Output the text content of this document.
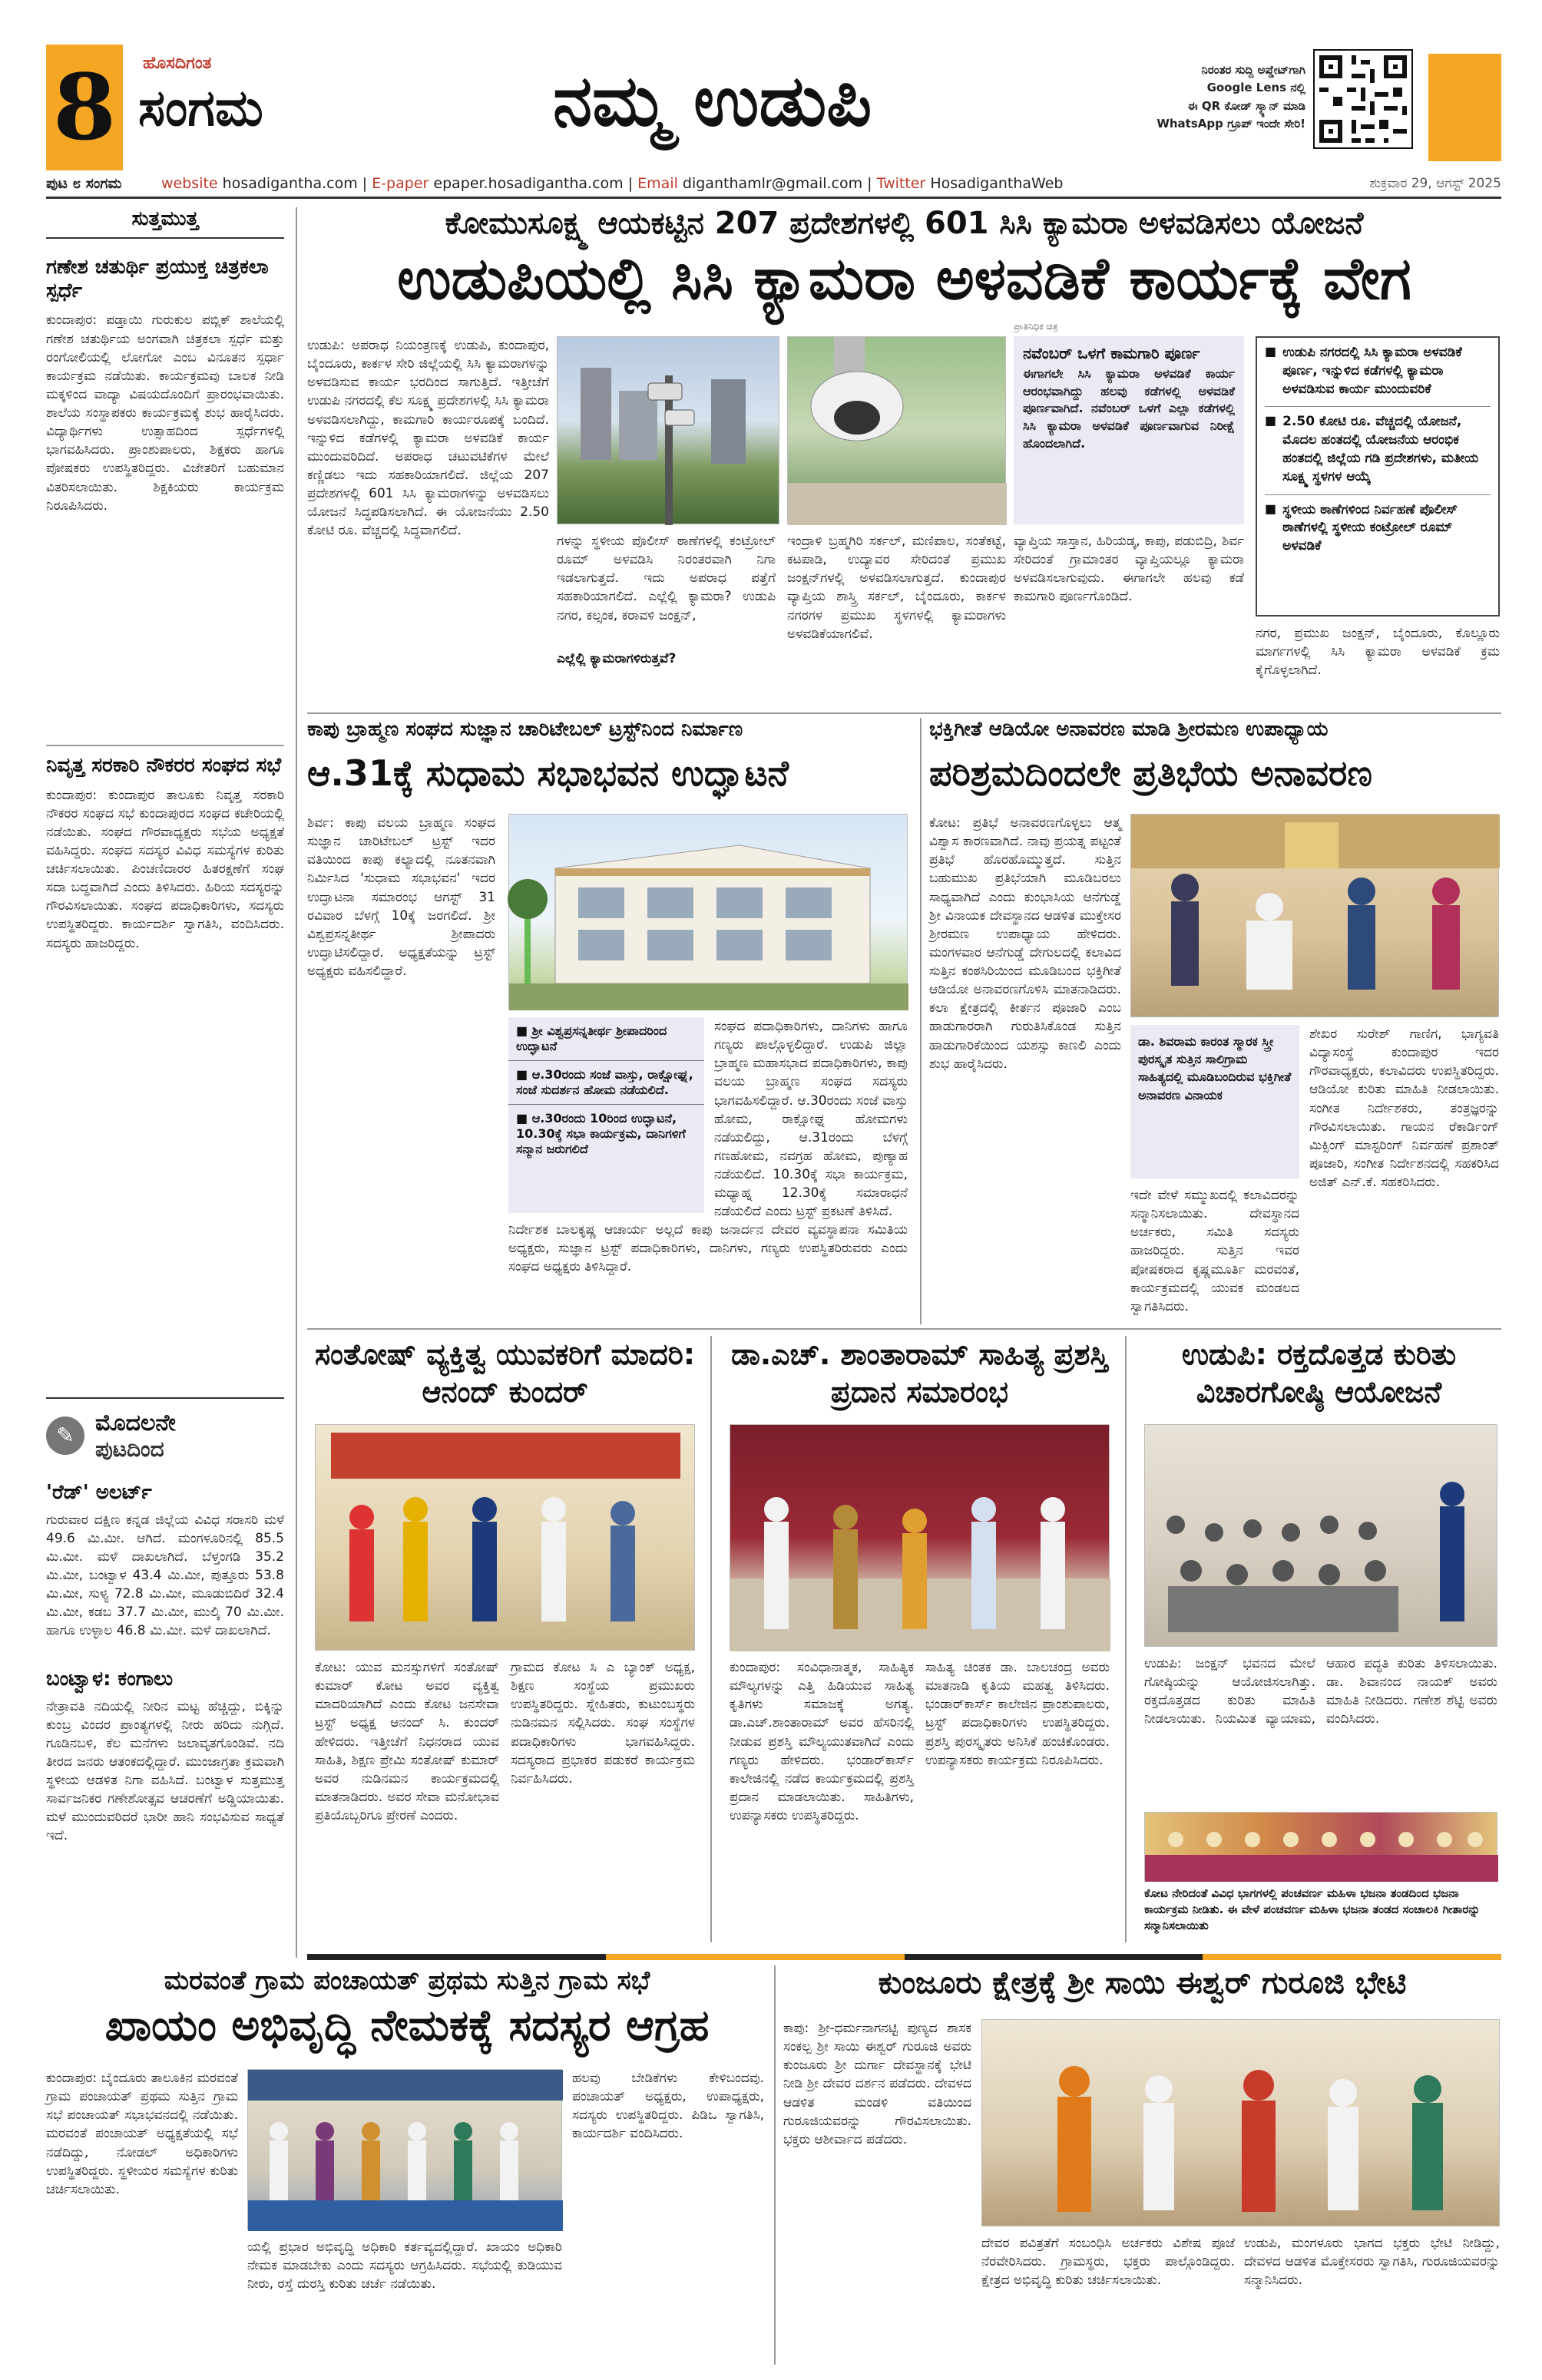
8	ಹೊಸದಿಗಂತ
ಸಂಗಮ	ನಮ್ಮ ಉಡುಪಿ	ನಿರಂತರ ಸುದ್ದಿ ಅಪ್ಡೇಟ್‌ಗಾಗಿ
Google Lens ನಲ್ಲಿ
ಈ QR ಕೋಡ್ ಸ್ಕ್ಯಾನ್ ಮಾಡಿ
WhatsApp ಗ್ರೂಪ್ ಇಂದೇ ಸೇರಿ!
ಪುಟ ೮ ಸಂಗಮ	website hosadigantha.com | E-paper epaper.hosadigantha.com | Email diganthamlr@gmail.com | Twitter HosadiganthaWeb	ಶುಕ್ರವಾರ 29, ಆಗಸ್ಟ್ 2025
ಸುತ್ತಮುತ್ತ
ಗಣೇಶ ಚತುರ್ಥಿ ಪ್ರಯುಕ್ತ ಚಿತ್ರಕಲಾ ಸ್ಪರ್ಧೆ
ಕುಂದಾಪುರ: ಪಡ್ತಾಯಿ ಗುರುಕುಲ ಪಬ್ಲಿಕ್ ಶಾಲೆಯಲ್ಲಿ ಗಣೇಶ ಚತುರ್ಥಿಯ ಅಂಗವಾಗಿ ಚಿತ್ರಕಲಾ ಸ್ಪರ್ಧೆ ಮತ್ತು ರಂಗೋಲಿಯಲ್ಲಿ ಲೋಗೋ ಎಂಬ ವಿನೂತನ ಸ್ಪರ್ಧಾ ಕಾರ್ಯಕ್ರಮ ನಡೆಯಿತು. ಕಾರ್ಯಕ್ರಮವು ಬಾಲಕ ನೀಡಿ ಮಕ್ಕಳಿಂದ ವಾದ್ಯಾ ವಿಷಯದೊಂದಿಗೆ ಪ್ರಾರಂಭವಾಯಿತು. ಶಾಲೆಯ ಸಂಸ್ಥಾಪಕರು ಕಾರ್ಯಕ್ರಮಕ್ಕೆ ಶುಭ ಹಾರೈಸಿದರು. ವಿದ್ಯಾರ್ಥಿಗಳು ಉತ್ಸಾಹದಿಂದ ಸ್ಪರ್ಧೆಗಳಲ್ಲಿ ಭಾಗವಹಿಸಿದರು. ಪ್ರಾಂಶುಪಾಲರು, ಶಿಕ್ಷಕರು ಹಾಗೂ ಪೋಷಕರು ಉಪಸ್ಥಿತರಿದ್ದರು. ವಿಜೇತರಿಗೆ ಬಹುಮಾನ ವಿತರಿಸಲಾಯಿತು. ಶಿಕ್ಷಕಿಯರು ಕಾರ್ಯಕ್ರಮ ನಿರೂಪಿಸಿದರು.
ನಿವೃತ್ತ ಸರಕಾರಿ ನೌಕರರ ಸಂಘದ ಸಭೆ
ಕುಂದಾಪುರ: ಕುಂದಾಪುರ ತಾಲೂಕು ನಿವೃತ್ತ ಸರಕಾರಿ ನೌಕರರ ಸಂಘದ ಸಭೆ ಕುಂದಾಪುರದ ಸಂಘದ ಕಚೇರಿಯಲ್ಲಿ ನಡೆಯಿತು. ಸಂಘದ ಗೌರವಾಧ್ಯಕ್ಷರು ಸಭೆಯ ಅಧ್ಯಕ್ಷತೆ ವಹಿಸಿದ್ದರು. ಸಂಘದ ಸದಸ್ಯರ ವಿವಿಧ ಸಮಸ್ಯೆಗಳ ಕುರಿತು ಚರ್ಚಿಸಲಾಯಿತು. ಪಿಂಚಣಿದಾರರ ಹಿತರಕ್ಷಣೆಗೆ ಸಂಘ ಸದಾ ಬದ್ಧವಾಗಿದೆ ಎಂದು ತಿಳಿಸಿದರು. ಹಿರಿಯ ಸದಸ್ಯರನ್ನು ಗೌರವಿಸಲಾಯಿತು. ಸಂಘದ ಪದಾಧಿಕಾರಿಗಳು, ಸದಸ್ಯರು ಉಪಸ್ಥಿತರಿದ್ದರು. ಕಾರ್ಯದರ್ಶಿ ಸ್ವಾಗತಿಸಿ, ವಂದಿಸಿದರು. ಸದಸ್ಯರು ಹಾಜರಿದ್ದರು.
✎ ಮೊದಲನೇ
ಪುಟದಿಂದ
'ರೆಡ್' ಅಲರ್ಟ್
ಗುರುವಾರ ದಕ್ಷಿಣ ಕನ್ನಡ ಜಿಲ್ಲೆಯ ವಿವಿಧ ಸರಾಸರಿ ಮಳೆ 49.6 ಮಿ.ಮೀ. ಆಗಿದೆ. ಮಂಗಳೂರಿನಲ್ಲಿ 85.5 ಮಿ.ಮೀ. ಮಳೆ ದಾಖಲಾಗಿದೆ. ಬೆಳ್ತಂಗಡಿ 35.2 ಮಿ.ಮೀ, ಬಂಟ್ವಾಳ 43.4 ಮಿ.ಮೀ, ಪುತ್ತೂರು 53.8 ಮಿ.ಮೀ, ಸುಳ್ಯ 72.8 ಮಿ.ಮೀ, ಮೂಡುಬಿದಿರೆ 32.4 ಮಿ.ಮೀ, ಕಡಬ 37.7 ಮಿ.ಮೀ, ಮುಲ್ಕಿ 70 ಮಿ.ಮೀ. ಹಾಗೂ ಉಳ್ಳಾಲ 46.8 ಮಿ.ಮೀ. ಮಳೆ ದಾಖಲಾಗಿದೆ.
ಬಂಟ್ವಾಳ: ಕಂಗಾಲು
ನೇತ್ರಾವತಿ ನದಿಯಲ್ಲಿ ನೀರಿನ ಮಟ್ಟ ಹೆಚ್ಚಿದ್ದು, ಬಿಕ್ಕಿನ್ನು ಕುಂಬ್ರ ವಿಂದರ ಪ್ರಾಂತ್ಯಗಳಲ್ಲಿ ನೀರು ಹರಿದು ನುಗ್ಗಿದೆ. ಗೂಡಿನಬಳಿ, ಕೆಲ ಮನೆಗಳು ಜಲಾವೃತಗೊಂಡಿವೆ. ನದಿ ತೀರದ ಜನರು ಆತಂಕದಲ್ಲಿದ್ದಾರೆ. ಮುಂಜಾಗ್ರತಾ ಕ್ರಮವಾಗಿ ಸ್ಥಳೀಯ ಆಡಳಿತ ನಿಗಾ ವಹಿಸಿದೆ. ಬಂಟ್ವಾಳ ಸುತ್ತಮುತ್ತ ಸಾರ್ವಜನಿಕರ ಗಣೇಶೋತ್ಸವ ಆಚರಣೆಗೆ ಅಡ್ಡಿಯಾಯಿತು. ಮಳೆ ಮುಂದುವರಿದರೆ ಭಾರೀ ಹಾನಿ ಸಂಭವಿಸುವ ಸಾಧ್ಯತೆ ಇದೆ.
ಕೋಮುಸೂಕ್ಷ್ಮ ಆಯಕಟ್ಟಿನ 207 ಪ್ರದೇಶಗಳಲ್ಲಿ 601 ಸಿಸಿ ಕ್ಯಾಮರಾ ಅಳವಡಿಸಲು ಯೋಜನೆ
ಉಡುಪಿಯಲ್ಲಿ ಸಿಸಿ ಕ್ಯಾಮರಾ ಅಳವಡಿಕೆ ಕಾರ್ಯಕ್ಕೆ ವೇಗ
ಪ್ರಾತಿನಿಧಿಕ ಚಿತ್ರ
ಉಡುಪಿ: ಅಪರಾಧ ನಿಯಂತ್ರಣಕ್ಕೆ ಉಡುಪಿ, ಕುಂದಾಪುರ, ಬೈಂದೂರು, ಕಾರ್ಕಳ ಸೇರಿ ಜಿಲ್ಲೆಯಲ್ಲಿ ಸಿಸಿ ಕ್ಯಾಮರಾಗಳನ್ನು ಅಳವಡಿಸುವ ಕಾರ್ಯ ಭರದಿಂದ ಸಾಗುತ್ತಿದೆ. ಇತ್ತೀಚೆಗೆ ಉಡುಪಿ ನಗರದಲ್ಲಿ ಕೆಲ ಸೂಕ್ಷ್ಮ ಪ್ರದೇಶಗಳಲ್ಲಿ ಸಿಸಿ ಕ್ಯಾಮರಾ ಅಳವಡಿಸಲಾಗಿದ್ದು, ಕಾಮಗಾರಿ ಕಾರ್ಯರೂಪಕ್ಕೆ ಬಂದಿದೆ. ಇನ್ನುಳಿದ ಕಡೆಗಳಲ್ಲಿ ಕ್ಯಾಮರಾ ಅಳವಡಿಕೆ ಕಾರ್ಯ ಮುಂದುವರಿದಿದೆ. ಅಪರಾಧ ಚಟುವಟಿಕೆಗಳ ಮೇಲೆ ಕಣ್ಣಿಡಲು ಇದು ಸಹಕಾರಿಯಾಗಲಿದೆ. ಜಿಲ್ಲೆಯ 207 ಪ್ರದೇಶಗಳಲ್ಲಿ 601 ಸಿಸಿ ಕ್ಯಾಮರಾಗಳನ್ನು ಅಳವಡಿಸಲು ಯೋಜನೆ ಸಿದ್ಧಪಡಿಸಲಾಗಿದೆ. ಈ ಯೋಜನೆಯು 2.50 ಕೋಟಿ ರೂ. ವೆಚ್ಚದಲ್ಲಿ ಸಿದ್ಧವಾಗಲಿದೆ.
ಗಳನ್ನು ಸ್ಥಳೀಯ ಪೊಲೀಸ್ ಠಾಣೆಗಳಲ್ಲಿ ಕಂಟ್ರೋಲ್ ರೂಮ್ ಅಳವಡಿಸಿ ನಿರಂತರವಾಗಿ ನಿಗಾ ಇಡಲಾಗುತ್ತದೆ. ಇದು ಅಪರಾಧ ಪತ್ತೆಗೆ ಸಹಕಾರಿಯಾಗಲಿದೆ. ಎಲ್ಲೆಲ್ಲಿ ಕ್ಯಾಮರಾ? ಉಡುಪಿ ನಗರ, ಕಲ್ಸಂಕ, ಕರಾವಳಿ ಜಂಕ್ಷನ್,
ಎಲ್ಲೆಲ್ಲಿ ಕ್ಯಾಮರಾಗಳಿರುತ್ತವೆ?
ಇಂದ್ರಾಳಿ ಬ್ರಹ್ಮಗಿರಿ ಸರ್ಕಲ್, ಮಣಿಪಾಲ, ಸಂತೆಕಟ್ಟೆ, ಕಟಪಾಡಿ, ಉದ್ಯಾವರ ಸೇರಿದಂತೆ ಪ್ರಮುಖ ಜಂಕ್ಷನ್‌ಗಳಲ್ಲಿ ಅಳವಡಿಸಲಾಗುತ್ತದೆ. ಕುಂದಾಪುರ ವ್ಯಾಪ್ತಿಯ ಶಾಸ್ತ್ರಿ ಸರ್ಕಲ್, ಬೈಂದೂರು, ಕಾರ್ಕಳ ನಗರಗಳ ಪ್ರಮುಖ ಸ್ಥಳಗಳಲ್ಲಿ ಕ್ಯಾಮರಾಗಳು ಅಳವಡಿಕೆಯಾಗಲಿವೆ.
ನವೆಂಬರ್ ಒಳಗೆ ಕಾಮಗಾರಿ ಪೂರ್ಣ
ಈಗಾಗಲೇ ಸಿಸಿ ಕ್ಯಾಮರಾ ಅಳವಡಿಕೆ ಕಾರ್ಯ ಆರಂಭವಾಗಿದ್ದು ಹಲವು ಕಡೆಗಳಲ್ಲಿ ಅಳವಡಿಕೆ ಪೂರ್ಣವಾಗಿದೆ. ನವೆಂಬರ್ ಒಳಗೆ ಎಲ್ಲಾ ಕಡೆಗಳಲ್ಲಿ ಸಿಸಿ ಕ್ಯಾಮರಾ ಅಳವಡಿಕೆ ಪೂರ್ಣವಾಗುವ ನಿರೀಕ್ಷೆ ಹೊಂದಲಾಗಿದೆ.
ವ್ಯಾಪ್ತಿಯ ಸಾಸ್ತಾನ, ಹಿರಿಯಡ್ಕ, ಕಾಪು, ಪಡುಬಿದ್ರಿ, ಶಿರ್ವ ಸೇರಿದಂತೆ ಗ್ರಾಮಾಂತರ ವ್ಯಾಪ್ತಿಯಲ್ಲೂ ಕ್ಯಾಮರಾ ಅಳವಡಿಸಲಾಗುವುದು. ಈಗಾಗಲೇ ಹಲವು ಕಡೆ ಕಾಮಗಾರಿ ಪೂರ್ಣಗೊಂಡಿದೆ.
■ ಉಡುಪಿ ನಗರದಲ್ಲಿ ಸಿಸಿ ಕ್ಯಾಮರಾ ಅಳವಡಿಕೆ ಪೂರ್ಣ, ಇನ್ನುಳಿದ ಕಡೆಗಳಲ್ಲಿ ಕ್ಯಾಮರಾ ಅಳವಡಿಸುವ ಕಾರ್ಯ ಮುಂದುವರಿಕೆ
■ 2.50 ಕೋಟಿ ರೂ. ವೆಚ್ಚದಲ್ಲಿ ಯೋಜನೆ, ಮೊದಲ ಹಂತದಲ್ಲಿ ಯೋಜನೆಯ ಆರಂಭಿಕ ಹಂತದಲ್ಲಿ ಜಿಲ್ಲೆಯ ಗಡಿ ಪ್ರದೇಶಗಳು, ಮತೀಯ ಸೂಕ್ಷ್ಮ ಸ್ಥಳಗಳ ಆಯ್ಕೆ
■ ಸ್ಥಳೀಯ ಠಾಣೆಗಳಿಂದ ನಿರ್ವಹಣೆ ಪೊಲೀಸ್ ಠಾಣೆಗಳಲ್ಲಿ ಸ್ಥಳೀಯ ಕಂಟ್ರೋಲ್ ರೂಮ್ ಅಳವಡಿಕೆ
ನಗರ, ಪ್ರಮುಖ ಜಂಕ್ಷನ್, ಬೈಂದೂರು, ಕೊಲ್ಲೂರು ಮಾರ್ಗಗಳಲ್ಲಿ ಸಿಸಿ ಕ್ಯಾಮರಾ ಅಳವಡಿಕೆ ಕ್ರಮ ಕೈಗೊಳ್ಳಲಾಗಿದೆ.
ಕಾಪು ಬ್ರಾಹ್ಮಣ ಸಂಘದ ಸುಜ್ಞಾನ ಚಾರಿಟೇಬಲ್ ಟ್ರಸ್ಟ್‌ನಿಂದ ನಿರ್ಮಾಣ
ಆ.31ಕ್ಕೆ ಸುಧಾಮ ಸಭಾಭವನ ಉದ್ಘಾಟನೆ
ಶಿರ್ವ: ಕಾಪು ವಲಯ ಬ್ರಾಹ್ಮಣ ಸಂಘದ ಸುಜ್ಞಾನ ಚಾರಿಟೇಬಲ್ ಟ್ರಸ್ಟ್ ಇದರ ವತಿಯಿಂದ ಕಾಪು ಕಲ್ಯಾದಲ್ಲಿ ನೂತನವಾಗಿ ನಿರ್ಮಿಸಿದ 'ಸುಧಾಮ ಸಭಾಭವನ' ಇದರ ಉದ್ಘಾಟನಾ ಸಮಾರಂಭ ಆಗಸ್ಟ್ 31 ರವಿವಾರ ಬೆಳಗ್ಗೆ 10ಕ್ಕೆ ಜರಗಲಿದೆ. ಶ್ರೀ ವಿಶ್ವಪ್ರಸನ್ನತೀರ್ಥ ಶ್ರೀಪಾದರು ಉದ್ಘಾಟಿಸಲಿದ್ದಾರೆ. ಅಧ್ಯಕ್ಷತೆಯನ್ನು ಟ್ರಸ್ಟ್ ಅಧ್ಯಕ್ಷರು ವಹಿಸಲಿದ್ದಾರೆ.
■ ಶ್ರೀ ವಿಶ್ವಪ್ರಸನ್ನತೀರ್ಥ ಶ್ರೀಪಾದರಿಂದ ಉದ್ಘಾಟನೆ
■ ಆ.30ರಂದು ಸಂಜೆ ವಾಸ್ತು, ರಾಕ್ಷೋಘ್ನ, ಸಂಜೆ ಸುದರ್ಶನ ಹೋಮ ನಡೆಯಲಿದೆ.
■ ಆ.30ರಂದು 10ರಿಂದ ಉದ್ಘಾಟನೆ, 10.30ಕ್ಕೆ ಸಭಾ ಕಾರ್ಯಕ್ರಮ, ದಾನಿಗಳಿಗೆ ಸನ್ಮಾನ ಜರುಗಲಿದೆ
ಸಂಘದ ಪದಾಧಿಕಾರಿಗಳು, ದಾನಿಗಳು ಹಾಗೂ ಗಣ್ಯರು ಪಾಲ್ಗೊಳ್ಳಲಿದ್ದಾರೆ. ಉಡುಪಿ ಜಿಲ್ಲಾ ಬ್ರಾಹ್ಮಣ ಮಹಾಸಭಾದ ಪದಾಧಿಕಾರಿಗಳು, ಕಾಪು ವಲಯ ಬ್ರಾಹ್ಮಣ ಸಂಘದ ಸದಸ್ಯರು ಭಾಗವಹಿಸಲಿದ್ದಾರೆ. ಆ.30ರಂದು ಸಂಜೆ ವಾಸ್ತು ಹೋಮ, ರಾಕ್ಷೋಘ್ನ ಹೋಮಗಳು ನಡೆಯಲಿದ್ದು, ಆ.31ರಂದು ಬೆಳಗ್ಗೆ ಗಣಹೋಮ, ನವಗ್ರಹ ಹೋಮ, ಪುಣ್ಯಾಹ ನಡೆಯಲಿದೆ. 10.30ಕ್ಕೆ ಸಭಾ ಕಾರ್ಯಕ್ರಮ, ಮಧ್ಯಾಹ್ನ 12.30ಕ್ಕೆ ಸಮಾರಾಧನೆ ನಡೆಯಲಿದೆ ಎಂದು ಟ್ರಸ್ಟ್ ಪ್ರಕಟಣೆ ತಿಳಿಸಿದೆ.
ನಿರ್ದೇಶಕ ಬಾಲಕೃಷ್ಣ ಆಚಾರ್ಯ ಅಲ್ಲದೆ ಕಾಪು ಜನಾರ್ದನ ದೇವರ ವ್ಯವಸ್ಥಾಪನಾ ಸಮಿತಿಯ ಅಧ್ಯಕ್ಷರು, ಸುಜ್ಞಾನ ಟ್ರಸ್ಟ್ ಪದಾಧಿಕಾರಿಗಳು, ದಾನಿಗಳು, ಗಣ್ಯರು ಉಪಸ್ಥಿತರಿರುವರು ಎಂದು ಸಂಘದ ಅಧ್ಯಕ್ಷರು ತಿಳಿಸಿದ್ದಾರೆ.
ಭಕ್ತಿಗೀತೆ ಆಡಿಯೋ ಅನಾವರಣ ಮಾಡಿ ಶ್ರೀರಮಣ ಉಪಾಧ್ಯಾಯ
ಪರಿಶ್ರಮದಿಂದಲೇ ಪ್ರತಿಭೆಯ ಅನಾವರಣ
ಕೋಟ: ಪ್ರತಿಭೆ ಅನಾವರಣಗೊಳ್ಳಲು ಆತ್ಮ ವಿಶ್ವಾಸ ಕಾರಣವಾಗಿದೆ. ನಾವು ಪ್ರಯತ್ನ ಪಟ್ಟಂತೆ ಪ್ರತಿಭೆ ಹೊರಹೊಮ್ಮುತ್ತದೆ. ಸುತ್ತಿನ ಬಹುಮುಖ ಪ್ರತಿಭೆಯಾಗಿ ಮೂಡಿಬರಲು ಸಾಧ್ಯವಾಗಿದೆ ಎಂದು ಕುಂಭಾಸಿಯ ಆನೆಗುಡ್ಡೆ ಶ್ರೀ ವಿನಾಯಕ ದೇವಸ್ಥಾನದ ಆಡಳಿತ ಮುಕ್ತೇಸರ ಶ್ರೀರಮಣ ಉಪಾಧ್ಯಾಯ ಹೇಳಿದರು. ಮಂಗಳವಾರ ಆನೆಗುಡ್ಡೆ ದೇಗುಲದಲ್ಲಿ ಕಲಾವಿದ ಸುತ್ತಿನ ಕಂಠಸಿರಿಯಿಂದ ಮೂಡಿಬಂದ ಭಕ್ತಿಗೀತೆ ಆಡಿಯೋ ಅನಾವರಣಗೊಳಿಸಿ ಮಾತನಾಡಿದರು. ಕಲಾ ಕ್ಷೇತ್ರದಲ್ಲಿ ಕೀರ್ತನ ಪೂಜಾರಿ ಎಂಬ ಹಾಡುಗಾರರಾಗಿ ಗುರುತಿಸಿಕೊಂಡ ಸುತ್ತಿನ ಹಾಡುಗಾರಿಕೆಯಿಂದ ಯಶಸ್ಸು ಕಾಣಲಿ ಎಂದು ಶುಭ ಹಾರೈಸಿದರು.
ಡಾ. ಶಿವರಾಮ ಕಾರಂತ ಸ್ಮಾರಕ ಸ್ತ್ರೀ ಪುರಸ್ಕೃತ ಸುತ್ತಿನ ಸಾಲಿಗ್ರಾಮ ಸಾಹಿತ್ಯದಲ್ಲಿ ಮೂಡಿಬಂದಿರುವ ಭಕ್ತಿಗೀತೆ ಅನಾವರಣ ವಿನಾಯಕ
ಶೇಖರ ಸುರೇಶ್ ಗಾಣಿಗ, ಭಾಗ್ಯವತಿ ವಿದ್ಯಾಸಂಸ್ಥೆ ಕುಂದಾಪುರ ಇದರ ಗೌರವಾಧ್ಯಕ್ಷರು, ಕಲಾವಿದರು ಉಪಸ್ಥಿತರಿದ್ದರು. ಆಡಿಯೋ ಕುರಿತು ಮಾಹಿತಿ ನೀಡಲಾಯಿತು. ಸಂಗೀತ ನಿರ್ದೇಶಕರು, ತಂತ್ರಜ್ಞರನ್ನು ಗೌರವಿಸಲಾಯಿತು. ಗಾಯನ ರೆಕಾರ್ಡಿಂಗ್ ಮಿಕ್ಸಿಂಗ್ ಮಾಸ್ಟರಿಂಗ್ ನಿರ್ವಹಣೆ ಪ್ರಶಾಂತ್ ಪೂಜಾರಿ, ಸಂಗೀತ ನಿರ್ದೇಶನದಲ್ಲಿ ಸಹಕರಿಸಿದ ಅಜಿತ್ ಎನ್.ಕೆ. ಸಹಕರಿಸಿದರು.
ಇದೇ ವೇಳೆ ಸಮ್ಮುಖದಲ್ಲಿ ಕಲಾವಿದರನ್ನು ಸನ್ಮಾನಿಸಲಾಯಿತು. ದೇವಸ್ಥಾನದ ಅರ್ಚಕರು, ಸಮಿತಿ ಸದಸ್ಯರು ಹಾಜರಿದ್ದರು. ಸುತ್ತಿನ ಇವರ ಪೋಷಕರಾದ ಕೃಷ್ಣಮೂರ್ತಿ ಮರವಂತೆ, ಕಾರ್ಯಕ್ರಮದಲ್ಲಿ ಯುವಕ ಮಂಡಲದ ಸ್ವಾಗತಿಸಿದರು.
ಸಂತೋಷ್ ವ್ಯಕ್ತಿತ್ವ ಯುವಕರಿಗೆ ಮಾದರಿ: ಆನಂದ್ ಕುಂದರ್
ಕೋಟ: ಯುವ ಮನಸ್ಸುಗಳಿಗೆ ಸಂತೋಷ್ ಕುಮಾರ್ ಕೋಟ ಅವರ ವ್ಯಕ್ತಿತ್ವ ಮಾದರಿಯಾಗಿದೆ ಎಂದು ಕೋಟ ಜನಸೇವಾ ಟ್ರಸ್ಟ್ ಅಧ್ಯಕ್ಷ ಆನಂದ್ ಸಿ. ಕುಂದರ್ ಹೇಳಿದರು. ಇತ್ತೀಚೆಗೆ ನಿಧನರಾದ ಯುವ ಸಾಹಿತಿ, ಶಿಕ್ಷಣ ಪ್ರೇಮಿ ಸಂತೋಷ್ ಕುಮಾರ್ ಅವರ ನುಡಿನಮನ ಕಾರ್ಯಕ್ರಮದಲ್ಲಿ ಮಾತನಾಡಿದರು. ಅವರ ಸೇವಾ ಮನೋಭಾವ ಪ್ರತಿಯೊಬ್ಬರಿಗೂ ಪ್ರೇರಣೆ ಎಂದರು.
ಗ್ರಾಮದ ಕೋಟ ಸಿ ಎ ಬ್ಯಾಂಕ್ ಅಧ್ಯಕ್ಷ, ಶಿಕ್ಷಣ ಸಂಸ್ಥೆಯ ಪ್ರಮುಖರು ಉಪಸ್ಥಿತರಿದ್ದರು. ಸ್ನೇಹಿತರು, ಕುಟುಂಬಸ್ಥರು ನುಡಿನಮನ ಸಲ್ಲಿಸಿದರು. ಸಂಘ ಸಂಸ್ಥೆಗಳ ಪದಾಧಿಕಾರಿಗಳು ಭಾಗವಹಿಸಿದ್ದರು. ಸದಸ್ಯರಾದ ಪ್ರಭಾಕರ ಪಡುಕರೆ ಕಾರ್ಯಕ್ರಮ ನಿರ್ವಹಿಸಿದರು.
ಡಾ.ಎಚ್. ಶಾಂತಾರಾಮ್ ಸಾಹಿತ್ಯ ಪ್ರಶಸ್ತಿ ಪ್ರದಾನ ಸಮಾರಂಭ
ಕುಂದಾಪುರ: ಸಂವಿಧಾನಾತ್ಮಕ, ಸಾಹಿತ್ಯಿಕ ಮೌಲ್ಯಗಳನ್ನು ಎತ್ತಿ ಹಿಡಿಯುವ ಸಾಹಿತ್ಯ ಕೃತಿಗಳು ಸಮಾಜಕ್ಕೆ ಅಗತ್ಯ. ಡಾ.ಎಚ್.ಶಾಂತಾರಾಮ್ ಅವರ ಹೆಸರಿನಲ್ಲಿ ನೀಡುವ ಪ್ರಶಸ್ತಿ ಮೌಲ್ಯಯುತವಾಗಿದೆ ಎಂದು ಗಣ್ಯರು ಹೇಳಿದರು. ಭಂಡಾರ್‌ಕಾರ್ಸ್ ಕಾಲೇಜಿನಲ್ಲಿ ನಡೆದ ಕಾರ್ಯಕ್ರಮದಲ್ಲಿ ಪ್ರಶಸ್ತಿ ಪ್ರದಾನ ಮಾಡಲಾಯಿತು. ಸಾಹಿತಿಗಳು, ಉಪನ್ಯಾಸಕರು ಉಪಸ್ಥಿತರಿದ್ದರು.
ಸಾಹಿತ್ಯ ಚಿಂತಕ ಡಾ. ಬಾಲಚಂದ್ರ ಅವರು ಮಾತನಾಡಿ ಕೃತಿಯ ಮಹತ್ವ ತಿಳಿಸಿದರು. ಭಂಡಾರ್‌ಕಾರ್ಸ್ ಕಾಲೇಜಿನ ಪ್ರಾಂಶುಪಾಲರು, ಟ್ರಸ್ಟ್ ಪದಾಧಿಕಾರಿಗಳು ಉಪಸ್ಥಿತರಿದ್ದರು. ಪ್ರಶಸ್ತಿ ಪುರಸ್ಕೃತರು ಅನಿಸಿಕೆ ಹಂಚಿಕೊಂಡರು. ಉಪನ್ಯಾಸಕರು ಕಾರ್ಯಕ್ರಮ ನಿರೂಪಿಸಿದರು.
ಉಡುಪಿ: ರಕ್ತದೊತ್ತಡ ಕುರಿತು ವಿಚಾರಗೋಷ್ಠಿ ಆಯೋಜನೆ
ಉಡುಪಿ: ಜಂಕ್ಷನ್ ಭವನದ ಮೇಲೆ ಗೋಷ್ಠಿಯನ್ನು ಆಯೋಜಿಸಲಾಗಿತ್ತು. ರಕ್ತದೊತ್ತಡದ ಕುರಿತು ಮಾಹಿತಿ ನೀಡಲಾಯಿತು. ನಿಯಮಿತ ವ್ಯಾಯಾಮ, ಆಹಾರ ಪದ್ಧತಿ ಕುರಿತು ತಿಳಿಸಲಾಯಿತು. ಡಾ. ಶಿವಾನಂದ ನಾಯಕ್ ಅವರು ಮಾಹಿತಿ ನೀಡಿದರು. ಗಣೇಶ ಶೆಟ್ಟಿ ಅವರು ವಂದಿಸಿದರು.
ಕೋಟ ನೇರಿದಂತೆ ವಿವಿಧ ಭಾಗಗಳಲ್ಲಿ ಪಂಚವರ್ಣ ಮಹಿಳಾ ಭಜನಾ ತಂಡದಿಂದ ಭಜನಾ ಕಾರ್ಯಕ್ರಮ ನೀಡಿತು. ಈ ವೇಳೆ ಪಂಚವರ್ಣ ಮಹಿಳಾ ಭಜನಾ ತಂಡದ ಸಂಚಾಲಕಿ ಗೀತಾರನ್ನು ಸನ್ಮಾನಿಸಲಾಯಿತು
ಮರವಂತೆ ಗ್ರಾಮ ಪಂಚಾಯತ್‌ ಪ್ರಥಮ ಸುತ್ತಿನ ಗ್ರಾಮ ಸಭೆ
ಖಾಯಂ ಅಭಿವೃದ್ಧಿ ನೇಮಕಕ್ಕೆ ಸದಸ್ಯರ ಆಗ್ರಹ
ಕುಂದಾಪುರ: ಬೈಂದೂರು ತಾಲೂಕಿನ ಮರವಂತೆ ಗ್ರಾಮ ಪಂಚಾಯತ್ ಪ್ರಥಮ ಸುತ್ತಿನ ಗ್ರಾಮ ಸಭೆ ಪಂಚಾಯತ್ ಸಭಾಭವನದಲ್ಲಿ ನಡೆಯಿತು. ಮರವಂತೆ ಪಂಚಾಯತ್ ಅಧ್ಯಕ್ಷತೆಯಲ್ಲಿ ಸಭೆ ನಡೆದಿದ್ದು, ನೋಡಲ್ ಅಧಿಕಾರಿಗಳು ಉಪಸ್ಥಿತರಿದ್ದರು. ಸ್ಥಳೀಯರ ಸಮಸ್ಯೆಗಳ ಕುರಿತು ಚರ್ಚಿಸಲಾಯಿತು.
ಯಲ್ಲಿ ಪ್ರಭಾರ ಅಭಿವೃದ್ಧಿ ಅಧಿಕಾರಿ ಕರ್ತವ್ಯದಲ್ಲಿದ್ದಾರೆ. ಖಾಯಂ ಅಧಿಕಾರಿ ನೇಮಕ ಮಾಡಬೇಕು ಎಂದು ಸದಸ್ಯರು ಆಗ್ರಹಿಸಿದರು. ಸಭೆಯಲ್ಲಿ ಕುಡಿಯುವ ನೀರು, ರಸ್ತೆ ದುರಸ್ತಿ ಕುರಿತು ಚರ್ಚೆ ನಡೆಯಿತು.
ಹಲವು ಬೇಡಿಕೆಗಳು ಕೇಳಿಬಂದವು. ಪಂಚಾಯತ್ ಅಧ್ಯಕ್ಷರು, ಉಪಾಧ್ಯಕ್ಷರು, ಸದಸ್ಯರು ಉಪಸ್ಥಿತರಿದ್ದರು. ಪಿಡಿಒ ಸ್ವಾಗತಿಸಿ, ಕಾರ್ಯದರ್ಶಿ ವಂದಿಸಿದರು.
ಕುಂಜೂರು ಕ್ಷೇತ್ರಕ್ಕೆ ಶ್ರೀ ಸಾಯಿ ಈಶ್ವರ್ ಗುರೂಜಿ ಭೇಟಿ
ಕಾಪು: ಶ್ರೀ-ಧರ್ಮನಾಗನಟ್ಟಿ ಪುಣ್ಯದ ಶಾಸಕ ಸಂಕಲ್ಪ ಶ್ರೀ ಸಾಯಿ ಈಶ್ವರ್ ಗುರೂಜಿ ಅವರು ಕುಂಜೂರು ಶ್ರೀ ದುರ್ಗಾ ದೇವಸ್ಥಾನಕ್ಕೆ ಭೇಟಿ ನೀಡಿ ಶ್ರೀ ದೇವರ ದರ್ಶನ ಪಡೆದರು. ದೇವಳದ ಆಡಳಿತ ಮಂಡಳಿ ವತಿಯಿಂದ ಗುರೂಜಿಯವರನ್ನು ಗೌರವಿಸಲಾಯಿತು. ಭಕ್ತರು ಆಶೀರ್ವಾದ ಪಡೆದರು.
ದೇವರ ಪವಿತ್ರತೆಗೆ ಸಂಬಂಧಿಸಿ ಅರ್ಚಕರು ವಿಶೇಷ ಪೂಜೆ ನೆರವೇರಿಸಿದರು. ಗ್ರಾಮಸ್ಥರು, ಭಕ್ತರು ಪಾಲ್ಗೊಂಡಿದ್ದರು. ಕ್ಷೇತ್ರದ ಅಭಿವೃದ್ಧಿ ಕುರಿತು ಚರ್ಚಿಸಲಾಯಿತು.
ಉಡುಪಿ, ಮಂಗಳೂರು ಭಾಗದ ಭಕ್ತರು ಭೇಟಿ ನೀಡಿದ್ದು, ದೇವಳದ ಆಡಳಿತ ಮೊಕ್ತೇಸರರು ಸ್ವಾಗತಿಸಿ, ಗುರೂಜಿಯವರನ್ನು ಸನ್ಮಾನಿಸಿದರು.
